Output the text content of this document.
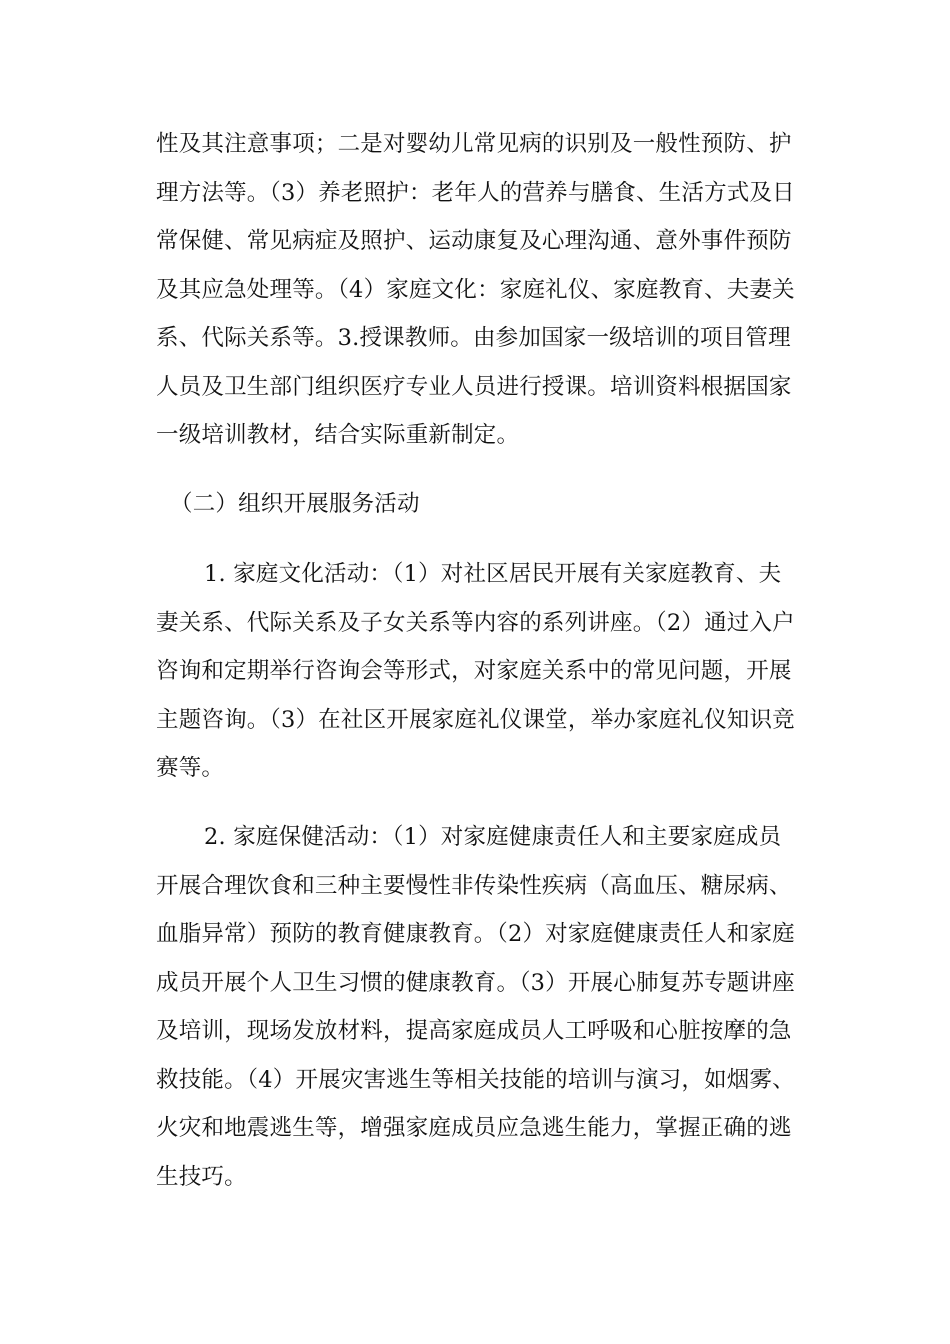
性及其注意事项；二是对婴幼儿常见病的识别及一般性预防、护
理方法等。（3）养老照护：老年人的营养与膳食、生活方式及日
常保健、常见病症及照护、运动康复及心理沟通、意外事件预防
及其应急处理等。（4）家庭文化：家庭礼仪、家庭教育、夫妻关
系、代际关系等。3.授课教师。由参加国家一级培训的项目管理
人员及卫生部门组织医疗专业人员进行授课。培训资料根据国家
一级培训教材，结合实际重新制定。
（二）组织开展服务活动
1. 家庭文化活动：（1）对社区居民开展有关家庭教育、夫
妻关系、代际关系及子女关系等内容的系列讲座。（2）通过入户
咨询和定期举行咨询会等形式，对家庭关系中的常见问题，开展
主题咨询。（3）在社区开展家庭礼仪课堂，举办家庭礼仪知识竞
赛等。
2. 家庭保健活动：（1）对家庭健康责任人和主要家庭成员
开展合理饮食和三种主要慢性非传染性疾病（高血压、糖尿病、
血脂异常）预防的教育健康教育。（2）对家庭健康责任人和家庭
成员开展个人卫生习惯的健康教育。（3）开展心肺复苏专题讲座
及培训，现场发放材料，提高家庭成员人工呼吸和心脏按摩的急
救技能。（4）开展灾害逃生等相关技能的培训与演习，如烟雾、
火灾和地震逃生等，增强家庭成员应急逃生能力，掌握正确的逃
生技巧。
